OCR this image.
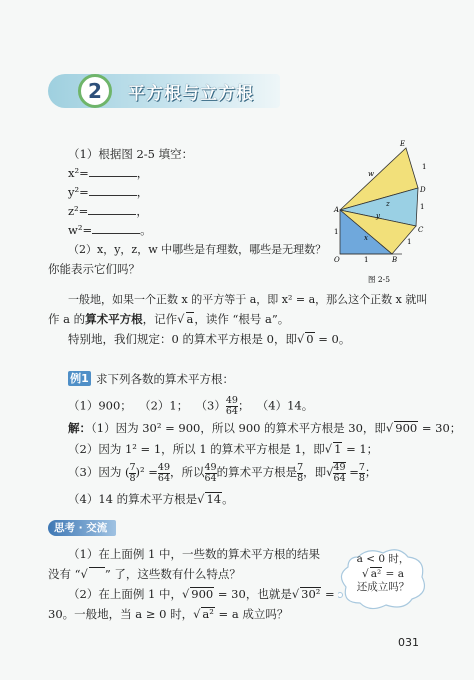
2	平方根与立方根
（1）根据图 2-5 填空：
x²=	，
y²=	，
z²=	，
w²=	。
（2）x，y，z，w 中哪些是有理数，哪些是无理数？
你能表示它们吗？
E
D
C
B
A
O
w
z
y
x
1
1
1
1
1
图 2-5
一般地，如果一个正数 x 的平方等于 a，即 x² = a，那么这个正数 x 就叫
作 a 的算术平方根，记作√ a，读作 “根号 a”。
特别地，我们规定：0 的算术平方根是 0，即√ 0 = 0。
例1 求下列各数的算术平方根：
（1）900； （2）1； $(3) \frac{49}{64}$ ；  （4）14。
解：（1）因为 30² = 900，所以 900 的算术平方根是 30，即√ 900 = 30；
（2）因为 1² = 1，所以 1 的算术平方根是 1，即√ 1 = 1；
（3）因为 ( $\frac{7}{8} )^2 = \frac{49}{64}$ ，所以 $\frac{49}{64}$ 的算术平方根是 $\frac{7}{8}$ ，即√ $\frac{49}{64} = \frac{7}{8}$ ；
（4）14 的算术平方根是√ 14。
思考 · 交流
（1）在上面例 1 中，一些数的算术平方根的结果
没有 “√ ” 了，这些数有什么特点？
（2）在上面例 1 中，√ 900 = 30，也就是√ 30² =
30。一般地，当 a ≥ 0 时，√ a² = a 成立吗？
a < 0 时，
√ a² = a
还成立吗？
031
